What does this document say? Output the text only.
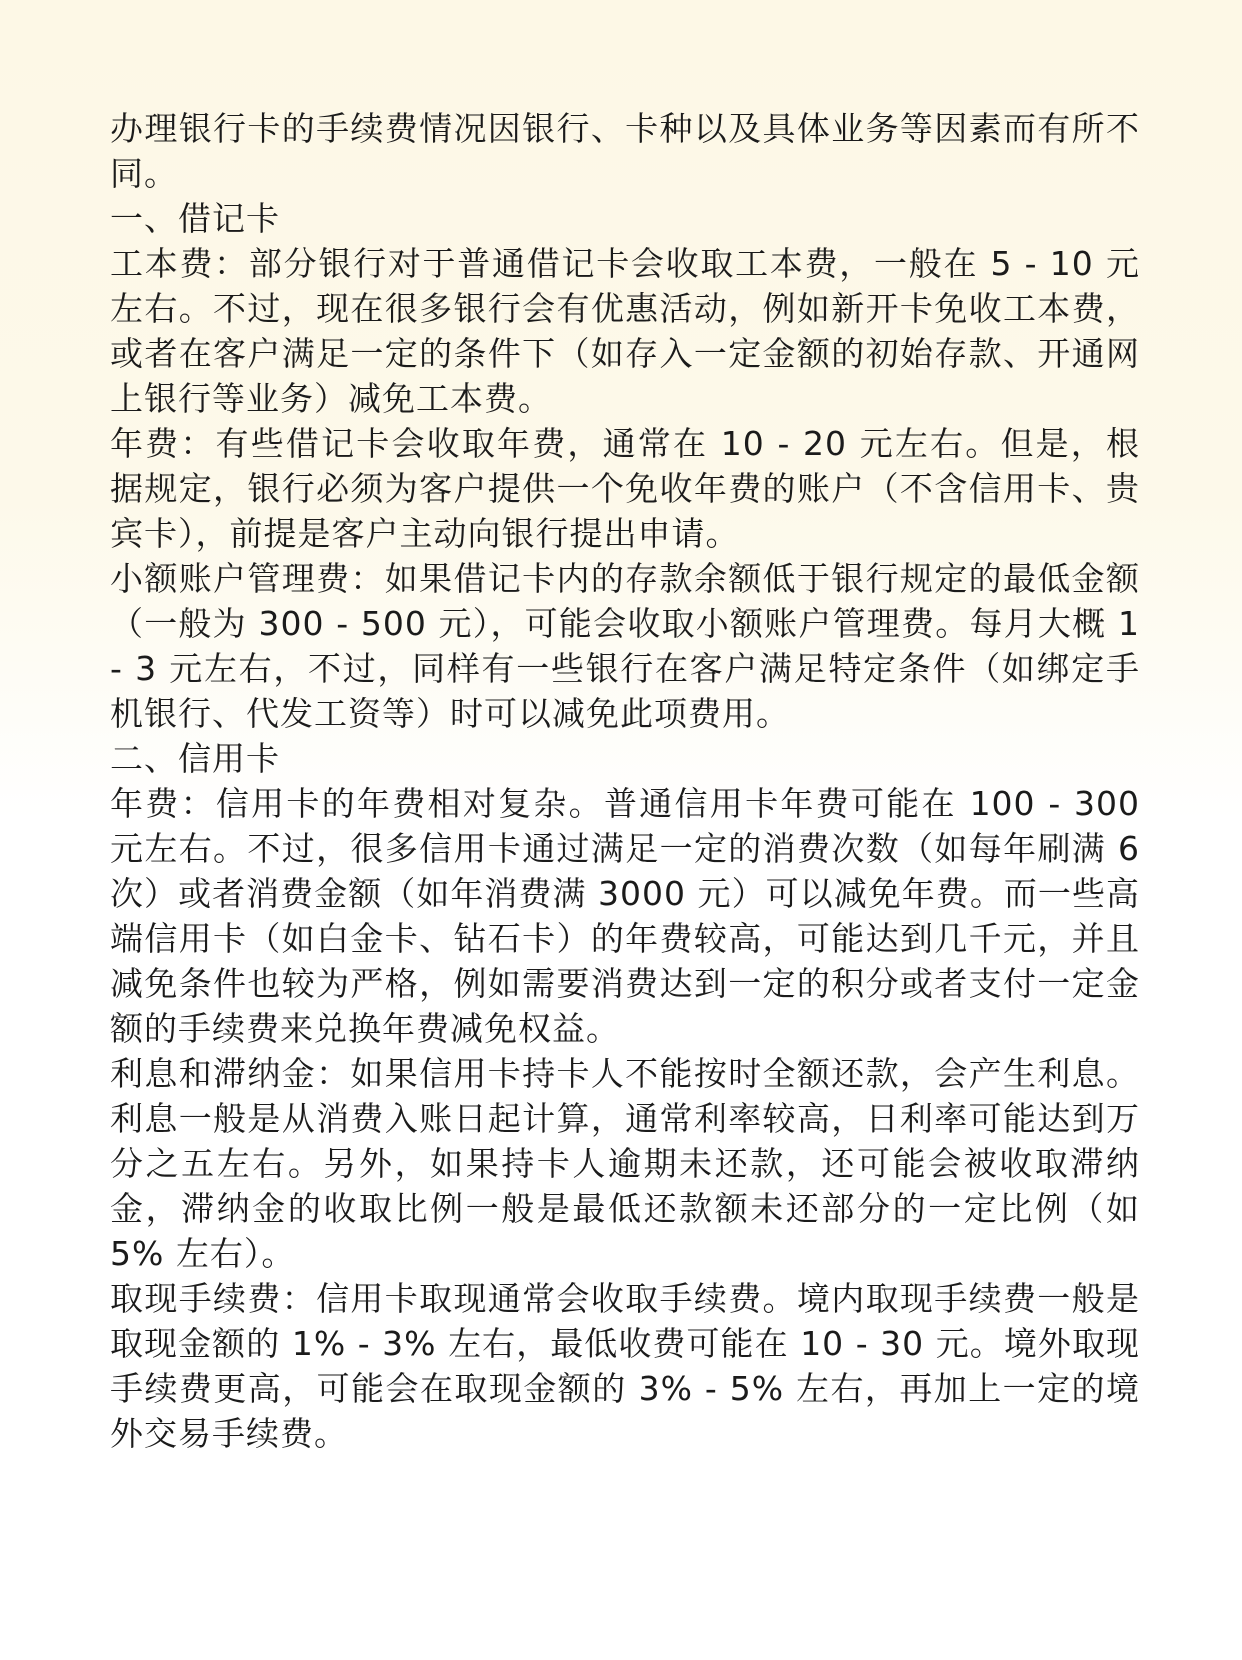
办理银行卡的手续费情况因银行、卡种以及具体业务等因素而有所不同。

一、借记卡

工本费：部分银行对于普通借记卡会收取工本费，一般在 5 - 10 元左右。不过，现在很多银行会有优惠活动，例如新开卡免收工本费，或者在客户满足一定的条件下（如存入一定金额的初始存款、开通网上银行等业务）减免工本费。

年费：有些借记卡会收取年费，通常在 10 - 20 元左右。但是，根据规定，银行必须为客户提供一个免收年费的账户（不含信用卡、贵宾卡），前提是客户主动向银行提出申请。

小额账户管理费：如果借记卡内的存款余额低于银行规定的最低金额（一般为 300 - 500 元），可能会收取小额账户管理费。每月大概 1 - 3 元左右，不过，同样有一些银行在客户满足特定条件（如绑定手机银行、代发工资等）时可以减免此项费用。

二、信用卡

年费：信用卡的年费相对复杂。普通信用卡年费可能在 100 - 300 元左右。不过，很多信用卡通过满足一定的消费次数（如每年刷满 6 次）或者消费金额（如年消费满 3000 元）可以减免年费。而一些高端信用卡（如白金卡、钻石卡）的年费较高，可能达到几千元，并且减免条件也较为严格，例如需要消费达到一定的积分或者支付一定金额的手续费来兑换年费减免权益。

利息和滞纳金：如果信用卡持卡人不能按时全额还款，会产生利息。利息一般是从消费入账日起计算，通常利率较高，日利率可能达到万分之五左右。另外，如果持卡人逾期未还款，还可能会被收取滞纳金，滞纳金的收取比例一般是最低还款额未还部分的一定比例（如 5% 左右）。

取现手续费：信用卡取现通常会收取手续费。境内取现手续费一般是取现金额的 1% - 3% 左右，最低收费可能在 10 - 30 元。境外取现手续费更高，可能会在取现金额的 3% - 5% 左右，再加上一定的境外交易手续费。
